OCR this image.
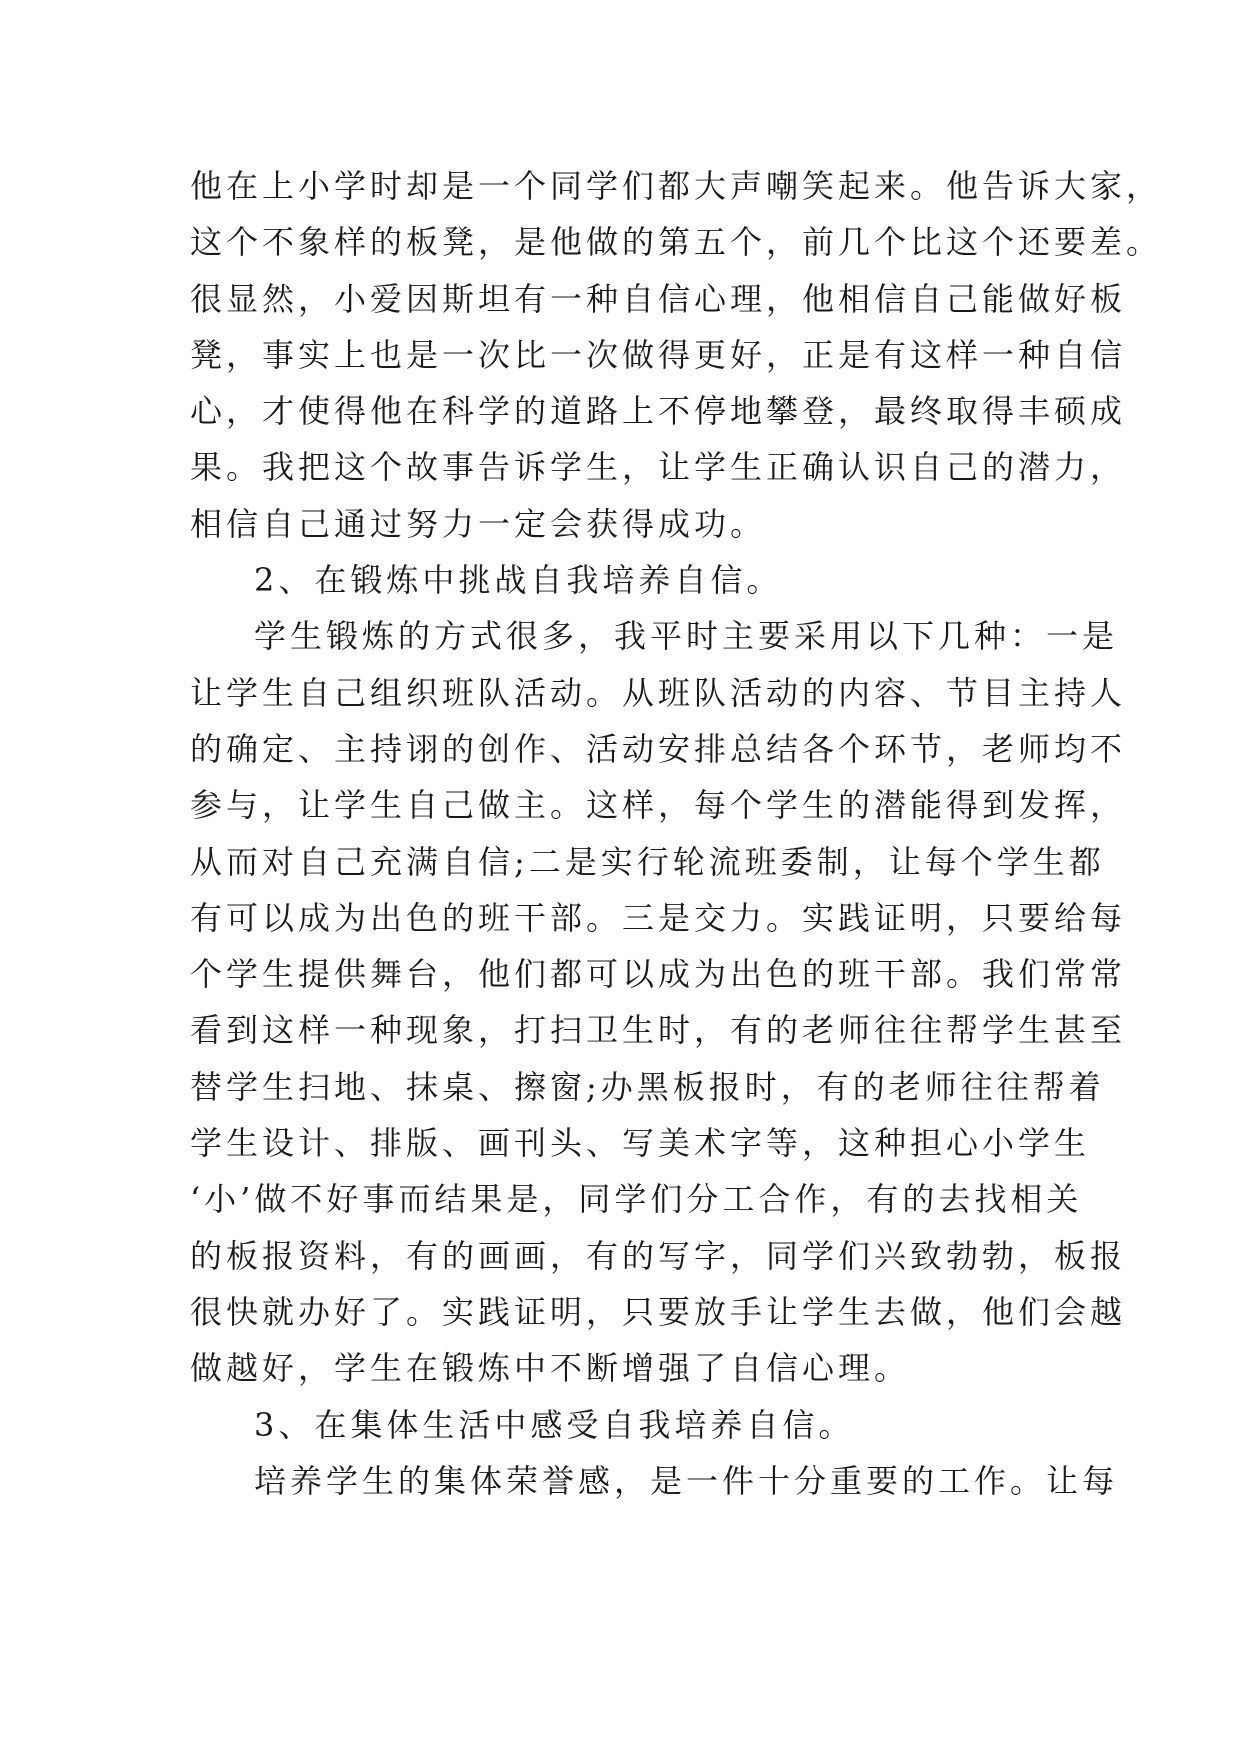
他在上小学时却是一个同学们都大声嘲笑起来。他告诉大家，
这个不象样的板凳，是他做的第五个，前几个比这个还要差。
很显然，小爱因斯坦有一种自信心理，他相信自己能做好板
凳，事实上也是一次比一次做得更好，正是有这样一种自信
心，才使得他在科学的道路上不停地攀登，最终取得丰硕成
果。我把这个故事告诉学生，让学生正确认识自己的潜力，
相信自己通过努力一定会获得成功。
2、在锻炼中挑战自我培养自信。
学生锻炼的方式很多，我平时主要采用以下几种：一是
让学生自己组织班队活动。从班队活动的内容、节目主持人
的确定、主持诩的创作、活动安排总结各个环节，老师均不
参与，让学生自己做主。这样，每个学生的潜能得到发挥，
从而对自己充满自信;二是实行轮流班委制，让每个学生都
有可以成为出色的班干部。三是交力。实践证明，只要给每
个学生提供舞台，他们都可以成为出色的班干部。我们常常
看到这样一种现象，打扫卫生时，有的老师往往帮学生甚至
替学生扫地、抹桌、擦窗;办黑板报时，有的老师往往帮着
学生设计、排版、画刊头、写美术字等，这种担心小学生
‘小’做不好事而结果是，同学们分工合作，有的去找相关
的板报资料，有的画画，有的写字，同学们兴致勃勃，板报
很快就办好了。实践证明，只要放手让学生去做，他们会越
做越好，学生在锻炼中不断增强了自信心理。
3、在集体生活中感受自我培养自信。
培养学生的集体荣誉感，是一件十分重要的工作。让每
